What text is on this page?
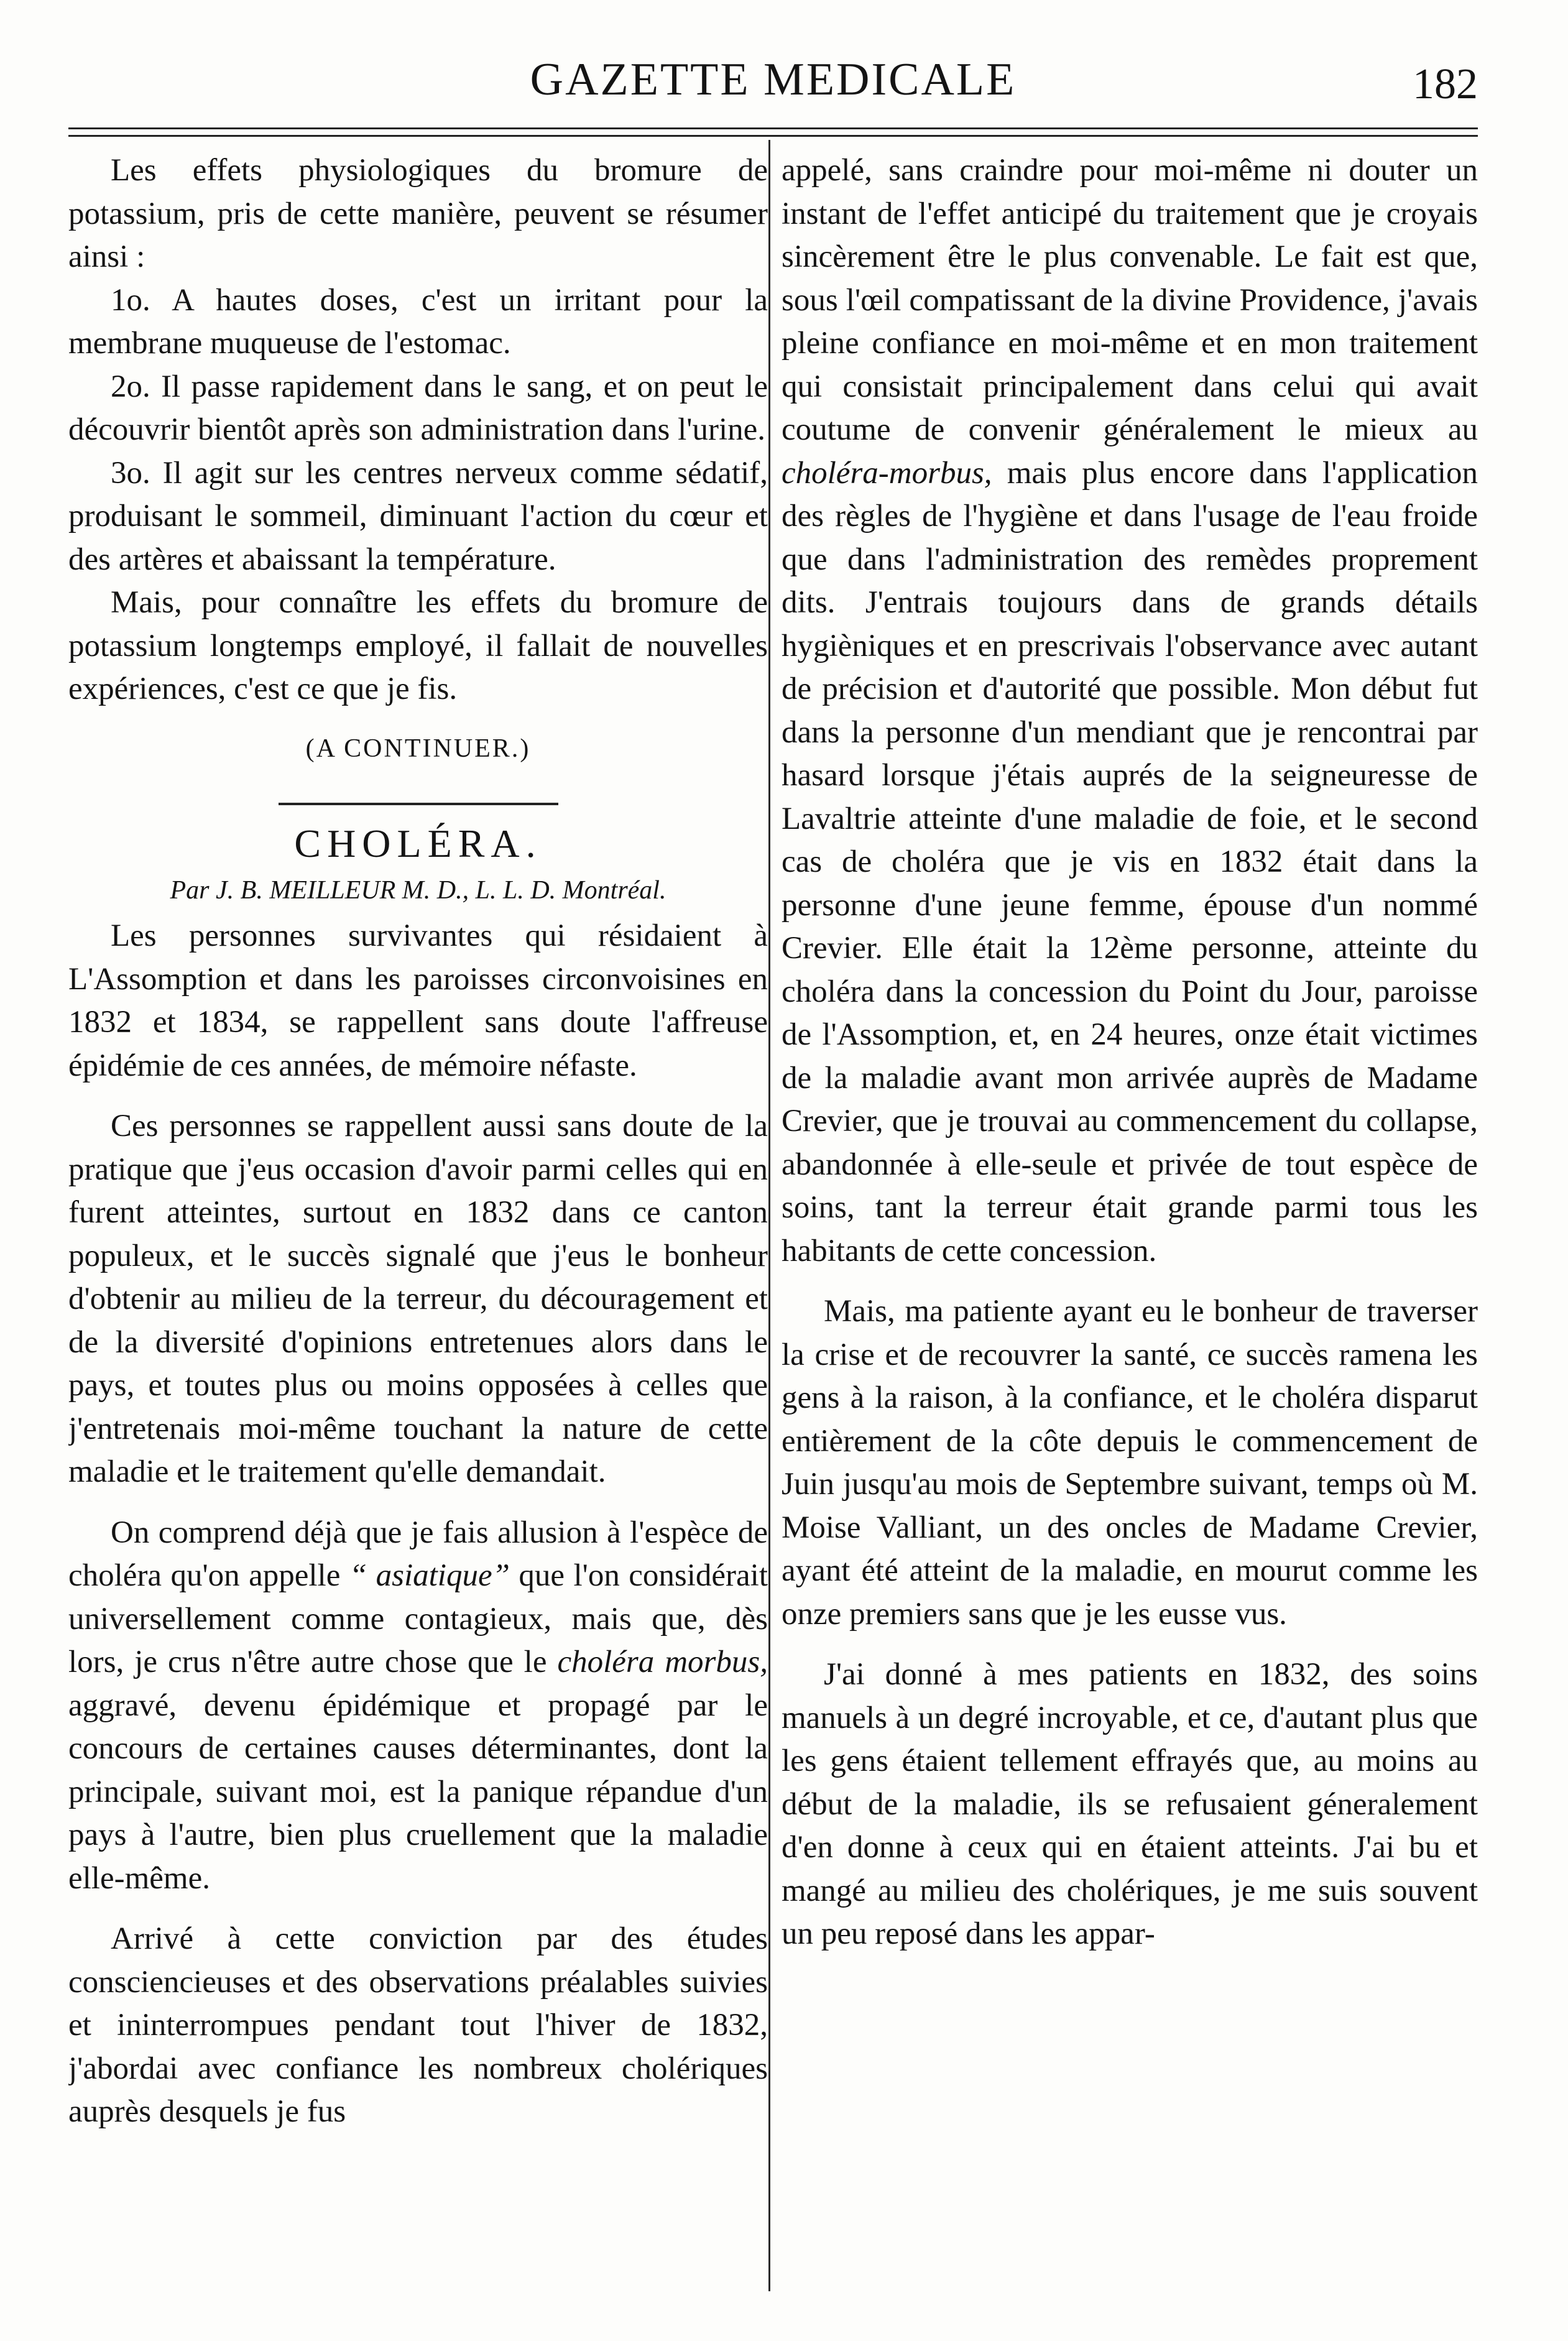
GAZETTE MEDICALE	182

Les effets physiologiques du bromure de potassium, pris de cette manière, peuvent se résumer ainsi :

1o. A hautes doses, c'est un irritant pour la membrane muqueuse de l'estomac.

2o. Il passe rapidement dans le sang, et on peut le découvrir bientôt après son administration dans l'urine.

3o. Il agit sur les centres nerveux comme sédatif, produisant le sommeil, diminuant l'action du cœur et des artères et abaissant la température.

Mais, pour connaître les effets du bromure de potassium longtemps employé, il fallait de nouvelles expériences, c'est ce que je fis.

(A CONTINUER.)

CHOLÉRA.

Par J. B. MEILLEUR M. D., L. L. D. Montréal.

Les personnes survivantes qui résidaient à L'Assomption et dans les paroisses circonvoisines en 1832 et 1834, se rappellent sans doute l'affreuse épidémie de ces années, de mémoire néfaste.

Ces personnes se rappellent aussi sans doute de la pratique que j'eus occasion d'avoir parmi celles qui en furent atteintes, surtout en 1832 dans ce canton populeux, et le succès signalé que j'eus le bonheur d'obtenir au milieu de la terreur, du découragement et de la diversité d'opinions entretenues alors dans le pays, et toutes plus ou moins opposées à celles que j'entretenais moi-même touchant la nature de cette maladie et le traitement qu'elle demandait.

On comprend déjà que je fais allusion à l'espèce de choléra qu'on appelle “ asiatique” que l'on considérait universellement comme contagieux, mais que, dès lors, je crus n'être autre chose que le choléra morbus, aggravé, devenu épidémique et propagé par le concours de certaines causes déterminantes, dont la principale, suivant moi, est la panique répandue d'un pays à l'autre, bien plus cruellement que la maladie elle-même.

Arrivé à cette conviction par des études consciencieuses et des observations préalables suivies et ininterrompues pendant tout l'hiver de 1832, j'abordai avec confiance les nombreux cholériques auprès desquels je fus

appelé, sans craindre pour moi-même ni douter un instant de l'effet anticipé du traitement que je croyais sincèrement être le plus convenable. Le fait est que, sous l'œil compatissant de la divine Providence, j'avais pleine confiance en moi-même et en mon traitement qui consistait principalement dans celui qui avait coutume de convenir généralement le mieux au choléra-morbus, mais plus encore dans l'application des règles de l'hygiène et dans l'usage de l'eau froide que dans l'administration des remèdes proprement dits. J'entrais toujours dans de grands détails hygièniques et en prescrivais l'observance avec autant de précision et d'autorité que possible. Mon début fut dans la personne d'un mendiant que je rencontrai par hasard lorsque j'étais auprés de la seigneuresse de Lavaltrie atteinte d'une maladie de foie, et le second cas de choléra que je vis en 1832 était dans la personne d'une jeune femme, épouse d'un nommé Crevier. Elle était la 12ème personne, atteinte du choléra dans la concession du Point du Jour, paroisse de l'Assomption, et, en 24 heures, onze était victimes de la maladie avant mon arrivée auprès de Madame Crevier, que je trouvai au commencement du collapse, abandonnée à elle-seule et privée de tout espèce de soins, tant la terreur était grande parmi tous les habitants de cette concession.

Mais, ma patiente ayant eu le bonheur de traverser la crise et de recouvrer la santé, ce succès ramena les gens à la raison, à la confiance, et le choléra disparut entièrement de la côte depuis le commencement de Juin jusqu'au mois de Septembre suivant, temps où M. Moise Valliant, un des oncles de Madame Crevier, ayant été atteint de la maladie, en mourut comme les onze premiers sans que je les eusse vus.

J'ai donné à mes patients en 1832, des soins manuels à un degré incroyable, et ce, d'autant plus que les gens étaient tellement effrayés que, au moins au début de la maladie, ils se refusaient géneralement d'en donne à ceux qui en étaient atteints. J'ai bu et mangé au milieu des cholériques, je me suis souvent un peu reposé dans les appar-
